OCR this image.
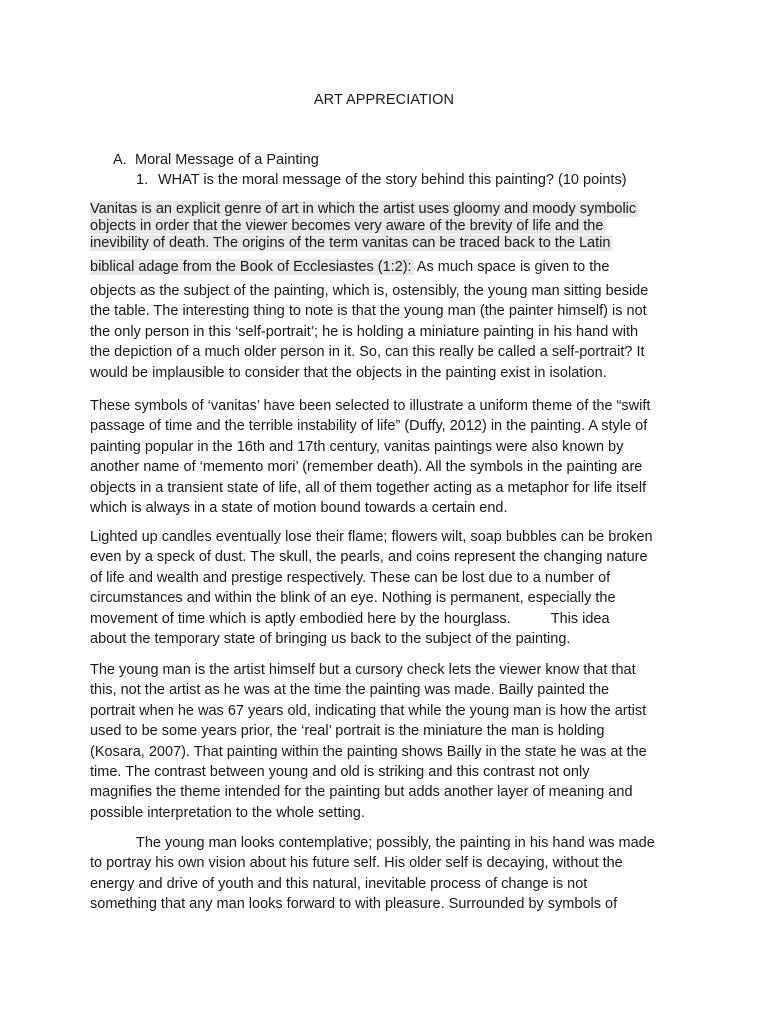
ART APPRECIATION
A. Moral Message of a Painting
1. WHAT is the moral message of the story behind this painting? (10 points)
Vanitas is an explicit genre of art in which the artist uses gloomy and moody symbolic
objects in order that the viewer becomes very aware of the brevity of life and the
inevibility of death. The origins of the term vanitas can be traced back to the Latin
biblical adage from the Book of Ecclesiastes (1:2): As much space is given to the
objects as the subject of the painting, which is, ostensibly, the young man sitting beside
the table. The interesting thing to note is that the young man (the painter himself) is not
the only person in this ‘self-portrait’; he is holding a miniature painting in his hand with
the depiction of a much older person in it. So, can this really be called a self-portrait? It
would be implausible to consider that the objects in the painting exist in isolation.
These symbols of ‘vanitas’ have been selected to illustrate a uniform theme of the “swift
passage of time and the terrible instability of life” (Duffy, 2012) in the painting. A style of
painting popular in the 16th and 17th century, vanitas paintings were also known by
another name of ‘memento mori’ (remember death). All the symbols in the painting are
objects in a transient state of life, all of them together acting as a metaphor for life itself
which is always in a state of motion bound towards a certain end.
Lighted up candles eventually lose their flame; flowers wilt, soap bubbles can be broken
even by a speck of dust. The skull, the pearls, and coins represent the changing nature
of life and wealth and prestige respectively. These can be lost due to a number of
circumstances and within the blink of an eye. Nothing is permanent, especially the
movement of time which is aptly embodied here by the hourglass.	This idea
about the temporary state of bringing us back to the subject of the painting.
The young man is the artist himself but a cursory check lets the viewer know that that
this, not the artist as he was at the time the painting was made. Bailly painted the
portrait when he was 67 years old, indicating that while the young man is how the artist
used to be some years prior, the ‘real’ portrait is the miniature the man is holding
(Kosara, 2007). That painting within the painting shows Bailly in the state he was at the
time. The contrast between young and old is striking and this contrast not only
magnifies the theme intended for the painting but adds another layer of meaning and
possible interpretation to the whole setting.
The young man looks contemplative; possibly, the painting in his hand was made
to portray his own vision about his future self. His older self is decaying, without the
energy and drive of youth and this natural, inevitable process of change is not
something that any man looks forward to with pleasure. Surrounded by symbols of
